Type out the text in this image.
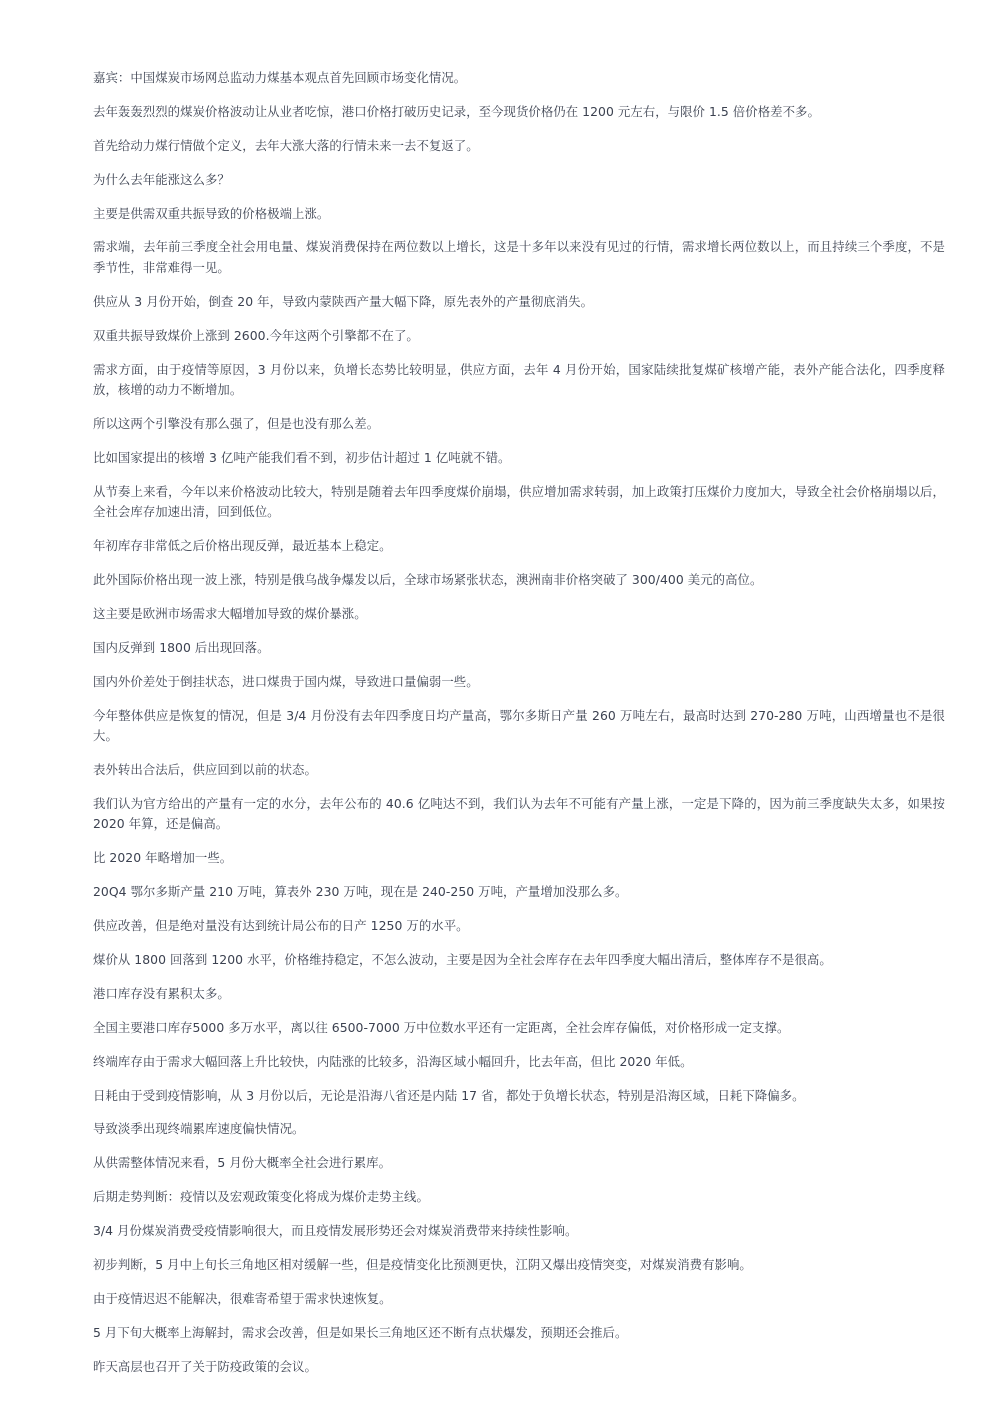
嘉宾：中国煤炭市场网总监动力煤基本观点首先回顾市场变化情况。

去年轰轰烈烈的煤炭价格波动让从业者吃惊，港口价格打破历史记录，至今现货价格仍在 1200 元左右，与限价 1.5 倍价格差不多。

首先给动力煤行情做个定义，去年大涨大落的行情未来一去不复返了。

为什么去年能涨这么多？

主要是供需双重共振导致的价格极端上涨。

需求端，去年前三季度全社会用电量、煤炭消费保持在两位数以上增长，这是十多年以来没有见过的行情，需求增长两位数以上，而且持续三个季度，不是季节性，非常难得一见。

供应从 3 月份开始，倒查 20 年，导致内蒙陕西产量大幅下降，原先表外的产量彻底消失。

双重共振导致煤价上涨到 2600.今年这两个引擎都不在了。

需求方面，由于疫情等原因，3 月份以来，负增长态势比较明显，供应方面，去年 4 月份开始，国家陆续批复煤矿核增产能，表外产能合法化，四季度释放，核增的动力不断增加。

所以这两个引擎没有那么强了，但是也没有那么差。

比如国家提出的核增 3 亿吨产能我们看不到，初步估计超过 1 亿吨就不错。

从节奏上来看，今年以来价格波动比较大，特别是随着去年四季度煤价崩塌，供应增加需求转弱，加上政策打压煤价力度加大，导致全社会价格崩塌以后，全社会库存加速出清，回到低位。

年初库存非常低之后价格出现反弹，最近基本上稳定。

此外国际价格出现一波上涨，特别是俄乌战争爆发以后，全球市场紧张状态，澳洲南非价格突破了 300/400 美元的高位。

这主要是欧洲市场需求大幅增加导致的煤价暴涨。

国内反弹到 1800 后出现回落。

国内外价差处于倒挂状态，进口煤贵于国内煤，导致进口量偏弱一些。

今年整体供应是恢复的情况，但是 3/4 月份没有去年四季度日均产量高，鄂尔多斯日产量 260 万吨左右，最高时达到 270-280 万吨，山西增量也不是很大。

表外转出合法后，供应回到以前的状态。

我们认为官方给出的产量有一定的水分，去年公布的 40.6 亿吨达不到，我们认为去年不可能有产量上涨，一定是下降的，因为前三季度缺失太多，如果按 2020 年算，还是偏高。

比 2020 年略增加一些。

20Q4 鄂尔多斯产量 210 万吨，算表外 230 万吨，现在是 240-250 万吨，产量增加没那么多。

供应改善，但是绝对量没有达到统计局公布的日产 1250 万的水平。

煤价从 1800 回落到 1200 水平，价格维持稳定，不怎么波动，主要是因为全社会库存在去年四季度大幅出清后，整体库存不是很高。

港口库存没有累积太多。

全国主要港口库存5000 多万水平，离以往 6500-7000 万中位数水平还有一定距离，全社会库存偏低，对价格形成一定支撑。

终端库存由于需求大幅回落上升比较快，内陆涨的比较多，沿海区域小幅回升，比去年高，但比 2020 年低。

日耗由于受到疫情影响，从 3 月份以后，无论是沿海八省还是内陆 17 省，都处于负增长状态，特别是沿海区域，日耗下降偏多。

导致淡季出现终端累库速度偏快情况。

从供需整体情况来看，5 月份大概率全社会进行累库。

后期走势判断：疫情以及宏观政策变化将成为煤价走势主线。

3/4 月份煤炭消费受疫情影响很大，而且疫情发展形势还会对煤炭消费带来持续性影响。

初步判断，5 月中上旬长三角地区相对缓解一些，但是疫情变化比预测更快，江阴又爆出疫情突变，对煤炭消费有影响。

由于疫情迟迟不能解决，很难寄希望于需求快速恢复。

5 月下旬大概率上海解封，需求会改善，但是如果长三角地区还不断有点状爆发，预期还会推后。

昨天高层也召开了关于防疫政策的会议。
